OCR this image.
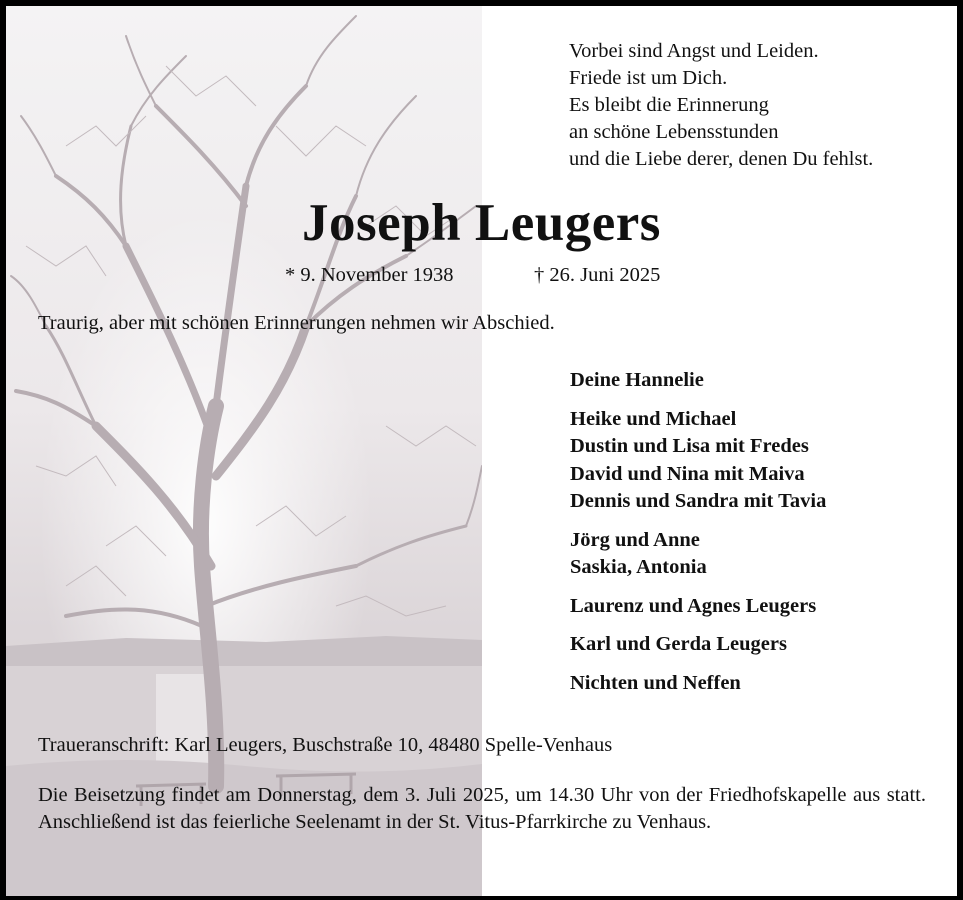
Vorbei sind Angst und Leiden.
Friede ist um Dich.
Es bleibt die Erinnerung
an schöne Lebensstunden
und die Liebe derer, denen Du fehlst.
Joseph Leugers
* 9. November 1938	† 26. Juni 2025
Traurig, aber mit schönen Erinnerungen nehmen wir Abschied.
Deine Hannelie
Heike und Michael
Dustin und Lisa mit Fredes
David und Nina mit Maiva
Dennis und Sandra mit Tavia
Jörg und Anne
Saskia, Antonia
Laurenz und Agnes Leugers
Karl und Gerda Leugers
Nichten und Neffen
Traueranschrift: Karl Leugers, Buschstraße 10, 48480 Spelle-Venhaus
Die Beisetzung findet am Donnerstag, dem 3. Juli 2025, um 14.30 Uhr von der Friedhofskapelle aus statt. Anschließend ist das feierliche Seelenamt in der St. Vitus-Pfarrkirche zu Venhaus.
